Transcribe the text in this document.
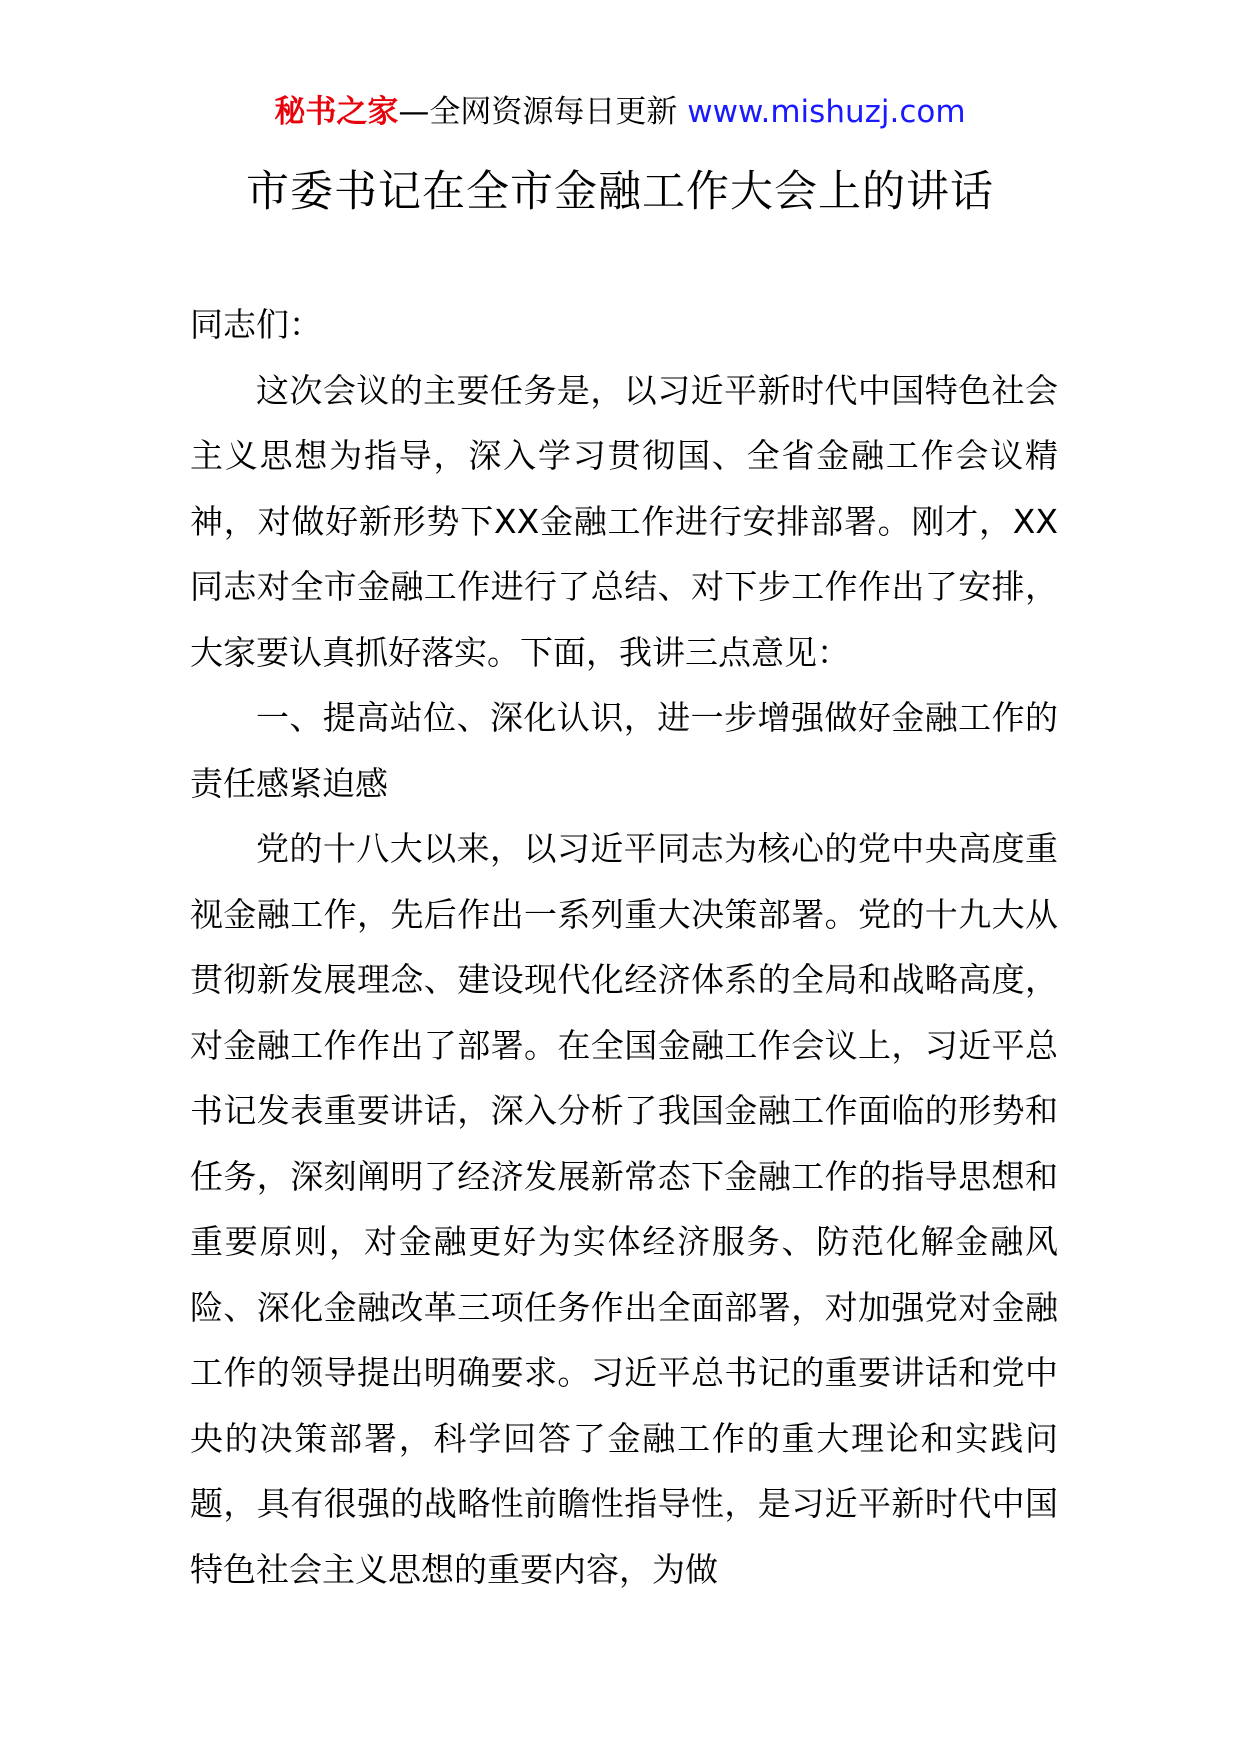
秘书之家—全网资源每日更新 www.mishuzj.com
市委书记在全市金融工作大会上的讲话

同志们：

这次会议的主要任务是，以习近平新时代中国特色社会主义思想为指导，深入学习贯彻国、全省金融工作会议精神，对做好新形势下XX金融工作进行安排部署。刚才，XX同志对全市金融工作进行了总结、对下步工作作出了安排，大家要认真抓好落实。下面，我讲三点意见：

一、提高站位、深化认识，进一步增强做好金融工作的责任感紧迫感

党的十八大以来，以习近平同志为核心的党中央高度重视金融工作，先后作出一系列重大决策部署。党的十九大从贯彻新发展理念、建设现代化经济体系的全局和战略高度，对金融工作作出了部署。在全国金融工作会议上，习近平总书记发表重要讲话，深入分析了我国金融工作面临的形势和任务，深刻阐明了经济发展新常态下金融工作的指导思想和重要原则，对金融更好为实体经济服务、防范化解金融风险、深化金融改革三项任务作出全面部署，对加强党对金融工作的领导提出明确要求。习近平总书记的重要讲话和党中央的决策部署，科学回答了金融工作的重大理论和实践问题，具有很强的战略性前瞻性指导性，是习近平新时代中国特色社会主义思想的重要内容，为做
